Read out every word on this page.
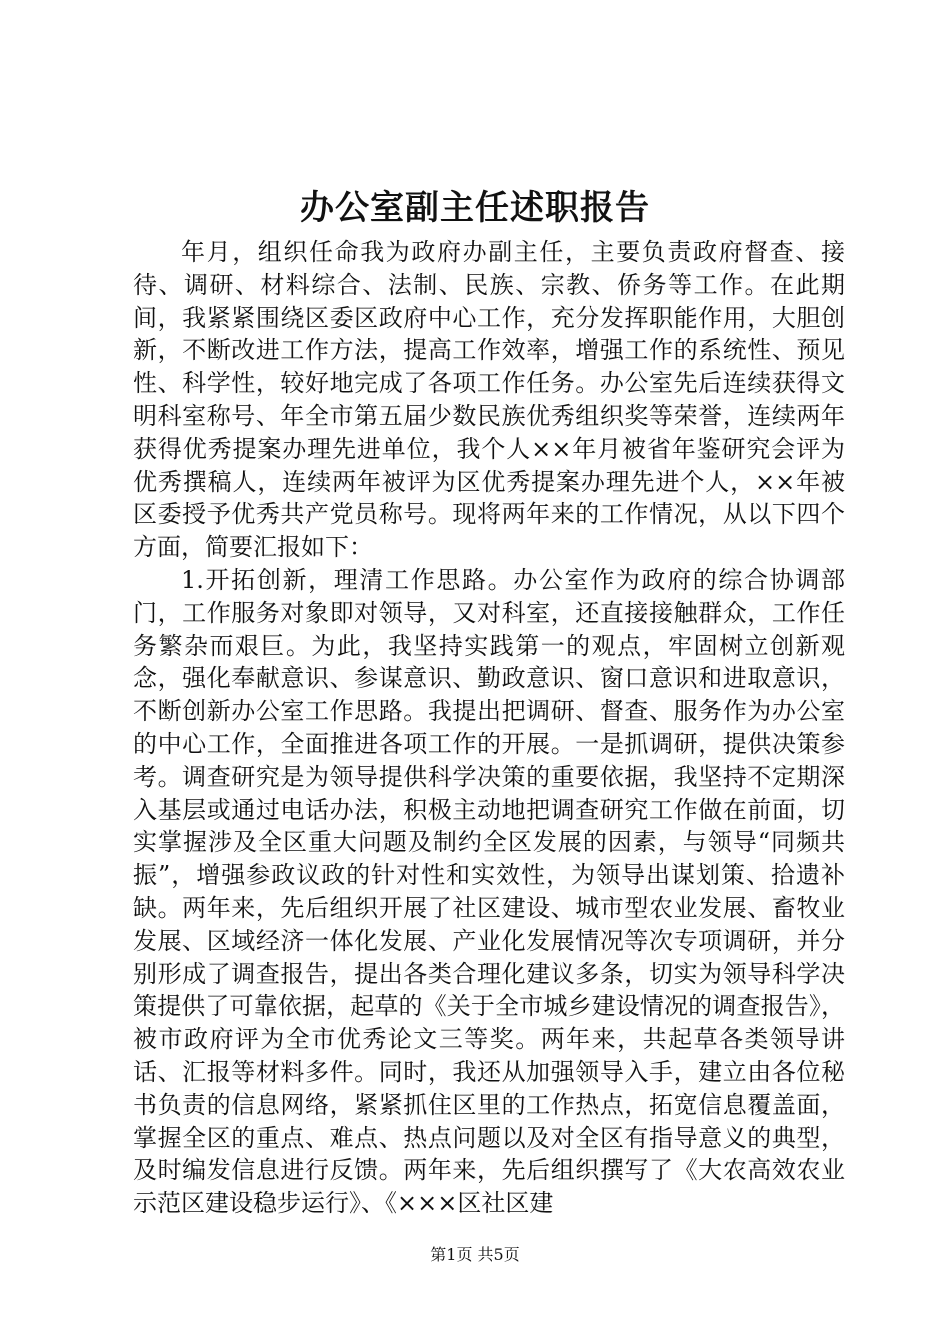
办公室副主任述职报告

年月，组织任命我为政府办副主任，主要负责政府督查、接待、调研、材料综合、法制、民族、宗教、侨务等工作。在此期间，我紧紧围绕区委区政府中心工作，充分发挥职能作用，大胆创新，不断改进工作方法，提高工作效率，增强工作的系统性、预见性、科学性，较好地完成了各项工作任务。办公室先后连续获得文明科室称号、年全市第五届少数民族优秀组织奖等荣誉，连续两年获得优秀提案办理先进单位，我个人××年月被省年鉴研究会评为优秀撰稿人，连续两年被评为区优秀提案办理先进个人，××年被区委授予优秀共产党员称号。现将两年来的工作情况，从以下四个方面，简要汇报如下：

1.开拓创新，理清工作思路。办公室作为政府的综合协调部门，工作服务对象即对领导，又对科室，还直接接触群众，工作任务繁杂而艰巨。为此，我坚持实践第一的观点，牢固树立创新观念，强化奉献意识、参谋意识、勤政意识、窗口意识和进取意识，不断创新办公室工作思路。我提出把调研、督查、服务作为办公室的中心工作，全面推进各项工作的开展。一是抓调研，提供决策参考。调查研究是为领导提供科学决策的重要依据，我坚持不定期深入基层或通过电话办法，积极主动地把调查研究工作做在前面，切实掌握涉及全区重大问题及制约全区发展的因素，与领导“同频共振”，增强参政议政的针对性和实效性，为领导出谋划策、拾遗补缺。两年来，先后组织开展了社区建设、城市型农业发展、畜牧业发展、区域经济一体化发展、产业化发展情况等次专项调研，并分别形成了调查报告，提出各类合理化建议多条，切实为领导科学决策提供了可靠依据，起草的《关于全市城乡建设情况的调查报告》，被市政府评为全市优秀论文三等奖。两年来，共起草各类领导讲话、汇报等材料多件。同时，我还从加强领导入手，建立由各位秘书负责的信息网络，紧紧抓住区里的工作热点，拓宽信息覆盖面，掌握全区的重点、难点、热点问题以及对全区有指导意义的典型，及时编发信息进行反馈。两年来，先后组织撰写了《大农高效农业示范区建设稳步运行》、《×××区社区建

第1页 共5页
